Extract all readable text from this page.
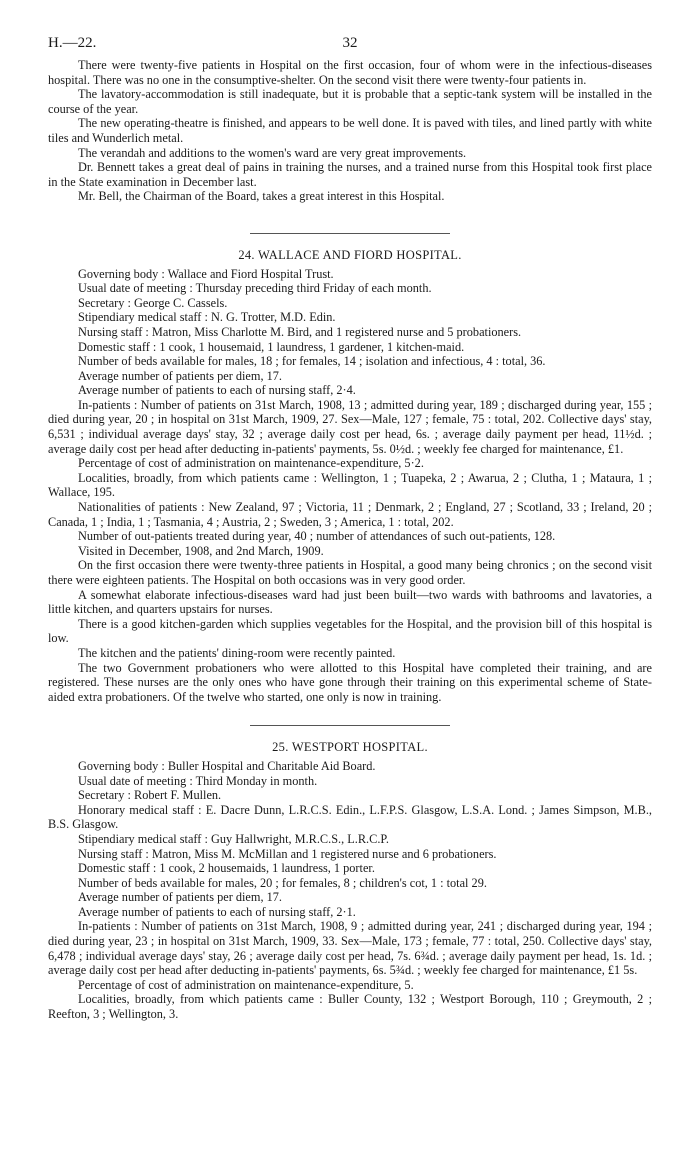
H.—22.	32

There were twenty-five patients in Hospital on the first occasion, four of whom were in the infectious-diseases hospital. There was no one in the consumptive-shelter. On the second visit there were twenty-four patients in.

The lavatory-accommodation is still inadequate, but it is probable that a septic-tank system will be installed in the course of the year.

The new operating-theatre is finished, and appears to be well done. It is paved with tiles, and lined partly with white tiles and Wunderlich metal.

The verandah and additions to the women's ward are very great improvements.

Dr. Bennett takes a great deal of pains in training the nurses, and a trained nurse from this Hospital took first place in the State examination in December last.

Mr. Bell, the Chairman of the Board, takes a great interest in this Hospital.

24. WALLACE AND FIORD HOSPITAL.

Governing body : Wallace and Fiord Hospital Trust.

Usual date of meeting : Thursday preceding third Friday of each month.

Secretary : George C. Cassels.

Stipendiary medical staff : N. G. Trotter, M.D. Edin.

Nursing staff : Matron, Miss Charlotte M. Bird, and 1 registered nurse and 5 probationers.

Domestic staff : 1 cook, 1 housemaid, 1 laundress, 1 gardener, 1 kitchen-maid.

Number of beds available for males, 18 ; for females, 14 ; isolation and infectious, 4 : total, 36.

Average number of patients per diem, 17.

Average number of patients to each of nursing staff, 2·4.

In-patients : Number of patients on 31st March, 1908, 13 ; admitted during year, 189 ; discharged during year, 155 ; died during year, 20 ; in hospital on 31st March, 1909, 27. Sex—Male, 127 ; female, 75 : total, 202. Collective days' stay, 6,531 ; individual average days' stay, 32 ; average daily cost per head, 6s. ; average daily payment per head, 11½d. ; average daily cost per head after deducting in-patients' payments, 5s. 0½d. ; weekly fee charged for maintenance, £1.

Percentage of cost of administration on maintenance-expenditure, 5·2.

Localities, broadly, from which patients came : Wellington, 1 ; Tuapeka, 2 ; Awarua, 2 ; Clutha, 1 ; Mataura, 1 ; Wallace, 195.

Nationalities of patients : New Zealand, 97 ; Victoria, 11 ; Denmark, 2 ; England, 27 ; Scotland, 33 ; Ireland, 20 ; Canada, 1 ; India, 1 ; Tasmania, 4 ; Austria, 2 ; Sweden, 3 ; America, 1 : total, 202.

Number of out-patients treated during year, 40 ; number of attendances of such out-patients, 128.

Visited in December, 1908, and 2nd March, 1909.

On the first occasion there were twenty-three patients in Hospital, a good many being chronics ; on the second visit there were eighteen patients. The Hospital on both occasions was in very good order.

A somewhat elaborate infectious-diseases ward had just been built—two wards with bathrooms and lavatories, a little kitchen, and quarters upstairs for nurses.

There is a good kitchen-garden which supplies vegetables for the Hospital, and the provision bill of this hospital is low.

The kitchen and the patients' dining-room were recently painted.

The two Government probationers who were allotted to this Hospital have completed their training, and are registered. These nurses are the only ones who have gone through their training on this experimental scheme of State-aided extra probationers. Of the twelve who started, one only is now in training.

25. WESTPORT HOSPITAL.

Governing body : Buller Hospital and Charitable Aid Board.

Usual date of meeting : Third Monday in month.

Secretary : Robert F. Mullen.

Honorary medical staff : E. Dacre Dunn, L.R.C.S. Edin., L.F.P.S. Glasgow, L.S.A. Lond. ; James Simpson, M.B., B.S. Glasgow.

Stipendiary medical staff : Guy Hallwright, M.R.C.S., L.R.C.P.

Nursing staff : Matron, Miss M. McMillan and 1 registered nurse and 6 probationers.

Domestic staff : 1 cook, 2 housemaids, 1 laundress, 1 porter.

Number of beds available for males, 20 ; for females, 8 ; children's cot, 1 : total 29.

Average number of patients per diem, 17.

Average number of patients to each of nursing staff, 2·1.

In-patients : Number of patients on 31st March, 1908, 9 ; admitted during year, 241 ; discharged during year, 194 ; died during year, 23 ; in hospital on 31st March, 1909, 33. Sex—Male, 173 ; female, 77 : total, 250. Collective days' stay, 6,478 ; individual average days' stay, 26 ; average daily cost per head, 7s. 6¾d. ; average daily payment per head, 1s. 1d. ; average daily cost per head after deducting in-patients' payments, 6s. 5¾d. ; weekly fee charged for maintenance, £1 5s.

Percentage of cost of administration on maintenance-expenditure, 5.

Localities, broadly, from which patients came : Buller County, 132 ; Westport Borough, 110 ; Greymouth, 2 ; Reefton, 3 ; Wellington, 3.
